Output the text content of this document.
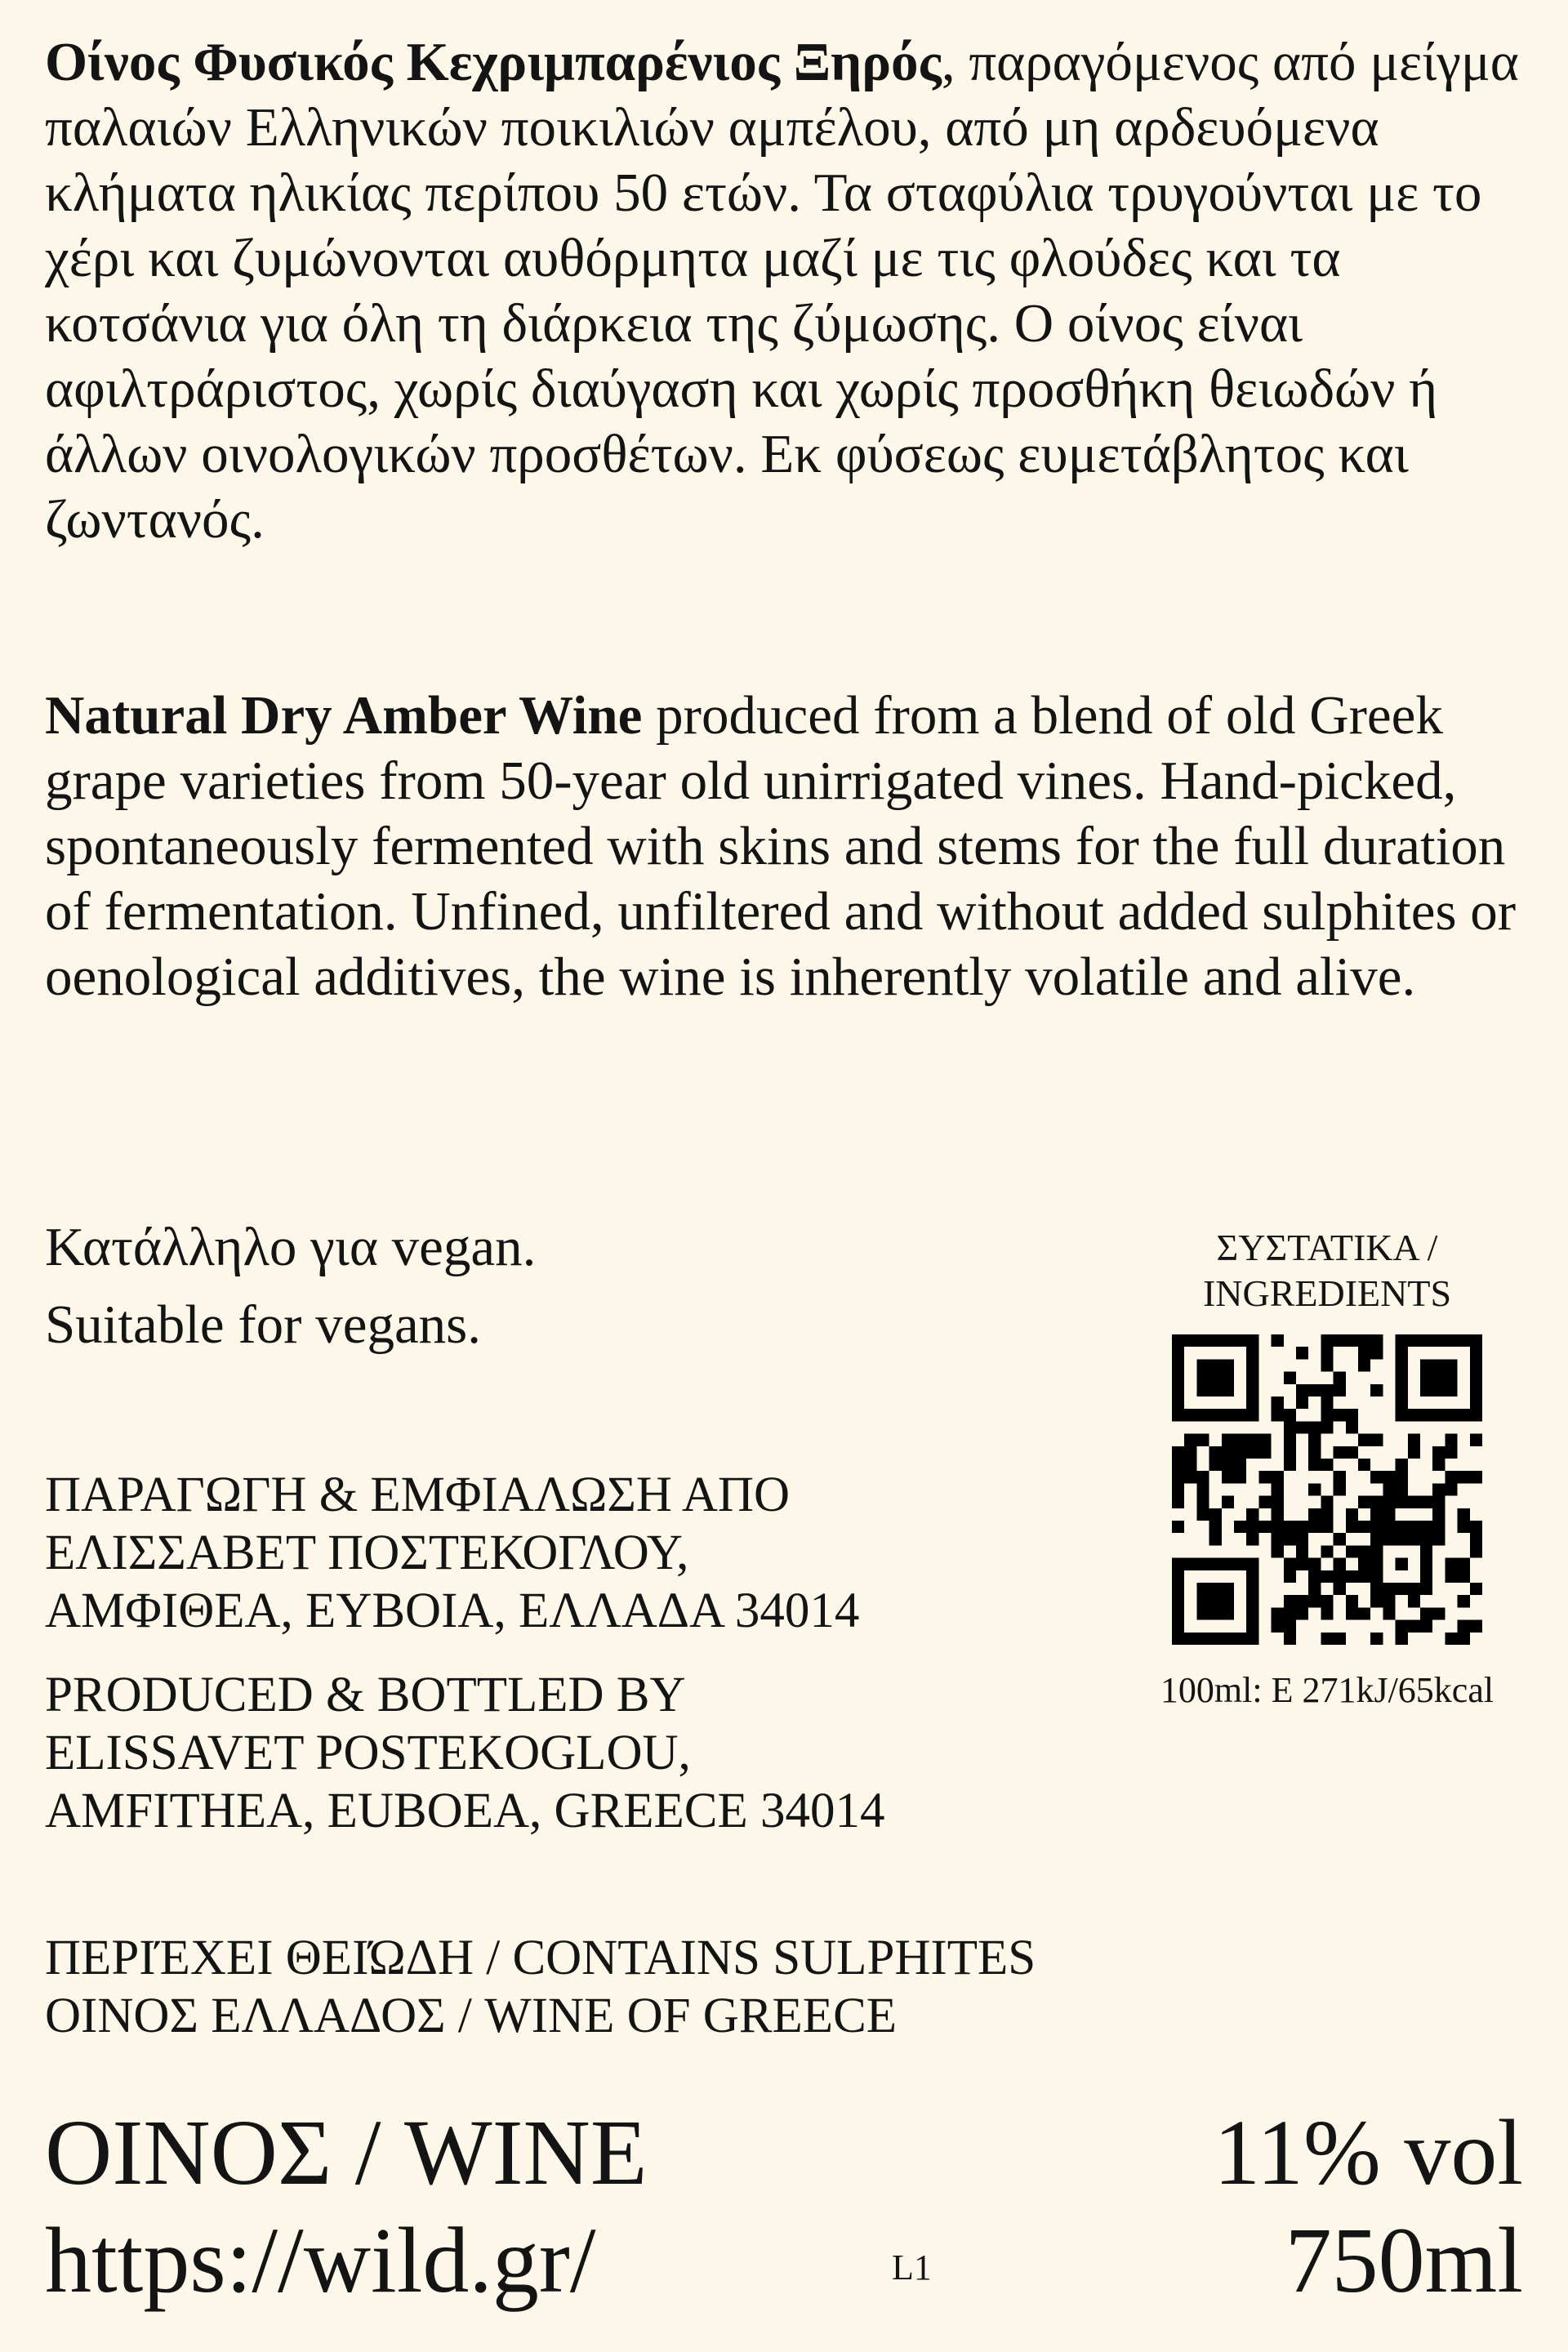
Οίνος Φυσικός Κεχριμπαρένιος Ξηρός, παραγόμενος από μείγμα παλαιών Ελληνικών ποικιλιών αμπέλου, από μη αρδευόμενα κλήματα ηλικίας περίπου 50 ετών. Τα σταφύλια τρυγούνται με το χέρι και ζυμώνονται αυθόρμητα μαζί με τις φλούδες και τα κοτσάνια για όλη τη διάρκεια της ζύμωσης. Ο οίνος είναι αφιλτράριστος, χωρίς διαύγαση και χωρίς προσθήκη θειωδών ή άλλων οινολογικών προσθέτων. Εκ φύσεως ευμετάβλητος και ζωντανός.

Natural Dry Amber Wine produced from a blend of old Greek grape varieties from 50-year old unirrigated vines. Hand-picked, spontaneously fermented with skins and stems for the full duration of fermentation. Unfined, unfiltered and without added sulphites or oenological additives, the wine is inherently volatile and alive.

Κατάλληλο για vegan.
Suitable for vegans.
ΠΑΡΑΓΩΓΗ & ΕΜΦΙΑΛΩΣΗ ΑΠΟ
ΕΛΙΣΣΑΒΕΤ ΠΟΣΤΕΚΟΓΛΟΥ,
ΑΜΦΙΘΕΑ, ΕΥΒΟΙΑ, ΕΛΛΑΔΑ 34014
PRODUCED & BOTTLED BY
ELISSAVET POSTEKOGLOU,
AMFITHEA, EUBOEA, GREECE 34014
ΣΥΣΤΑΤΙΚΑ /
INGREDIENTS
100ml: E 271kJ/65kcal
ΠΕΡΙΈΧΕΙ ΘΕΙΏΔΗ / CONTAINS SULPHITES
ΟΙΝΟΣ ΕΛΛΑΔΟΣ / WINE OF GREECE
ΟΙΝΟΣ / WINE
https://wild.gr/	L1
11% vol
750ml
